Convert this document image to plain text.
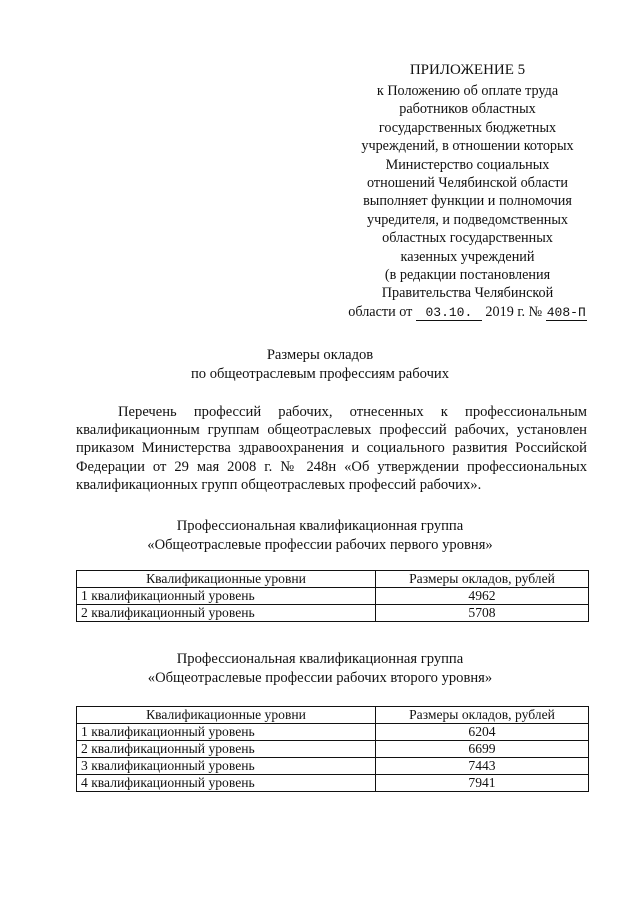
ПРИЛОЖЕНИЕ 5
к Положению об оплате труда
работников областных
государственных бюджетных
учреждений, в отношении которых
Министерство социальных
отношений Челябинской области
выполняет функции и полномочия
учредителя, и подведомственных
областных государственных
казенных учреждений
(в редакции постановления
Правительства Челябинской
области от 03.10. 2019 г. № 408-П
Размеры окладов
по общеотраслевым профессиям рабочих

Перечень профессий рабочих, отнесенных к профессиональным квалификационным группам общеотраслевых профессий рабочих, установлен приказом Министерства здравоохранения и социального развития Российской Федерации от 29 мая 2008 г. № 248н «Об утверждении профессиональных квалификационных групп общеотраслевых профессий рабочих».

Профессиональная квалификационная группа
«Общеотраслевые профессии рабочих первого уровня»
Квалификационные уровни	Размеры окладов, рублей
1 квалификационный уровень	4962
2 квалификационный уровень	5708
Профессиональная квалификационная группа
«Общеотраслевые профессии рабочих второго уровня»
Квалификационные уровни	Размеры окладов, рублей
1 квалификационный уровень	6204
2 квалификационный уровень	6699
3 квалификационный уровень	7443
4 квалификационный уровень	7941
